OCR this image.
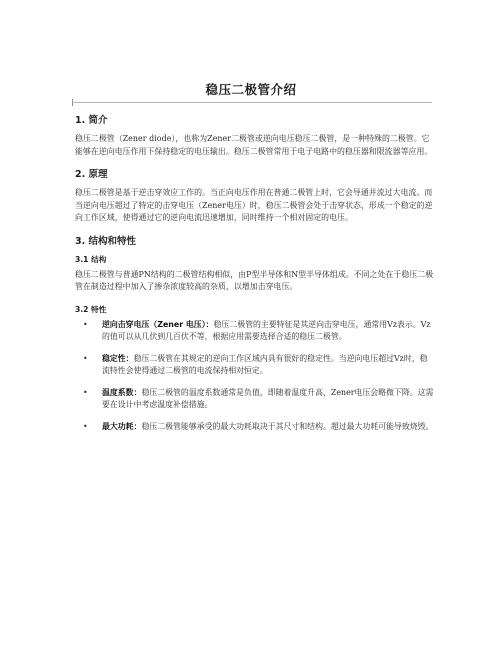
稳压二极管介绍
1. 简介

稳压二极管（Zener diode），也称为Zener二极管或逆向电压稳压二极管，是一种特殊的二极管。它能够在逆向电压作用下保持稳定的电压输出。稳压二极管常用于电子电路中的稳压器和限流器等应用。

2. 原理

稳压二极管是基于逆击穿效应工作的。当正向电压作用在普通二极管上时，它会导通并流过大电流。而当逆向电压超过了特定的击穿电压（Zener电压）时，稳压二极管会处于击穿状态，形成一个稳定的逆向工作区域，使得通过它的逆向电流迅速增加，同时维持一个相对固定的电压。

3. 结构和特性
3.1 结构

稳压二极管与普通PN结构的二极管结构相似，由P型半导体和N型半导体组成。不同之处在于稳压二极管在制造过程中加入了掺杂浓度较高的杂质，以增加击穿电压。

3.2 特性
• 逆向击穿电压（Zener 电压）：稳压二极管的主要特征是其逆向击穿电压，通常用Vz表示。Vz的值可以从几伏到几百伏不等，根据应用需要选择合适的稳压二极管。
• 稳定性：稳压二极管在其规定的逆向工作区域内具有很好的稳定性。当逆向电压超过Vz时，稳流特性会使得通过二极管的电流保持相对恒定。
• 温度系数：稳压二极管的温度系数通常是负值，即随着温度升高，Zener电压会略微下降。这需要在设计中考虑温度补偿措施。
• 最大功耗：稳压二极管能够承受的最大功耗取决于其尺寸和结构。超过最大功耗可能导致烧毁。
